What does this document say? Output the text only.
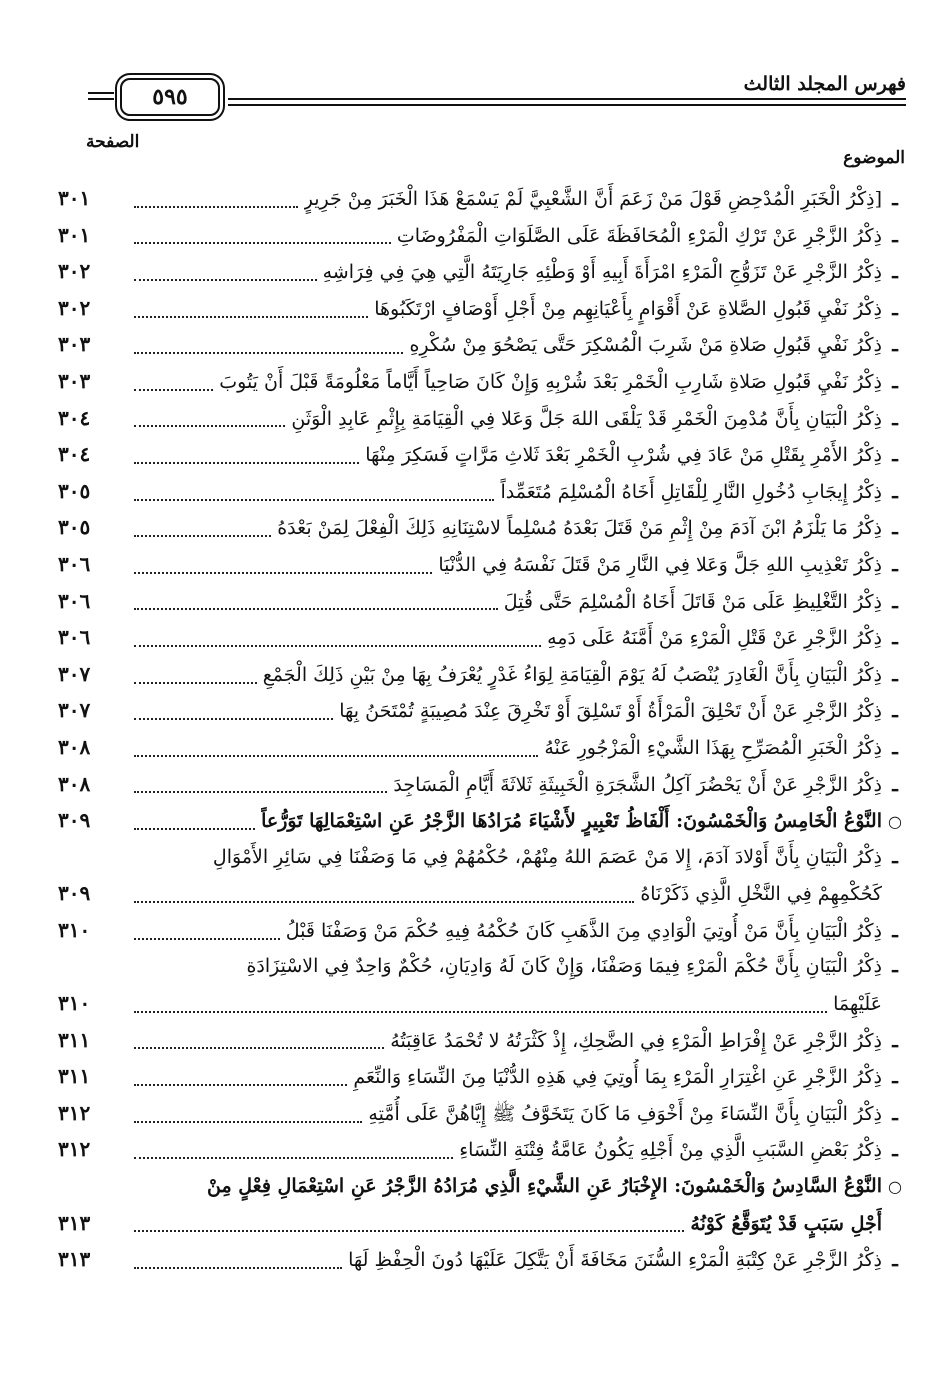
٥٩٥	فهرس المجلد الثالث
الصفحة
الموضوع
ـ
[ذِكْرُ الْخَبَرِ الْمُدْحِضِ قَوْلَ مَنْ زَعَمَ أَنَّ الشَّعْبِيَّ لَمْ يَسْمَعْ هَذَا الْخَبَرَ مِنْ جَرِيرٍ
٣٠١
ـ
ذِكْرُ الزَّجْرِ عَنْ تَرْكِ الْمَرْءِ الْمُحَافَظَةَ عَلَى الصَّلَوَاتِ الْمَفْرُوضَاتِ
٣٠١
ـ
ذِكْرُ الزَّجْرِ عَنْ تَزَوُّجِ الْمَرْءِ امْرَأَةَ أَبِيهِ أَوْ وَطْئِهِ جَارِيَتَهُ الَّتِي هِيَ فِي فِرَاشِهِ
٣٠٢
ـ
ذِكْرُ نَفْيِ قَبُولِ الصَّلاةِ عَنْ أَقْوَامٍ بِأَعْيَانِهِم مِنْ أَجْلِ أَوْصَافٍ ارْتَكَبُوهَا
٣٠٢
ـ
ذِكْرُ نَفْيِ قَبُولِ صَلاةِ مَنْ شَرِبَ الْمُسْكِرَ حَتَّى يَصْحُوَ مِنْ سُكْرِهِ
٣٠٣
ـ
ذِكْرُ نَفْيِ قَبُولِ صَلاةِ شَارِبِ الْخَمْرِ بَعْدَ شُرْبِهِ وَإِنْ كَانَ صَاحِياً أَيَّاماً مَعْلُومَةً قَبْلَ أَنْ يَتُوبَ
٣٠٣
ـ
ذِكْرُ الْبَيَانِ بِأَنَّ مُدْمِنَ الْخَمْرِ قَدْ يَلْقَى اللهَ جَلَّ وَعَلا فِي الْقِيَامَةِ بِإِثْمِ عَابِدِ الْوَثَنِ
٣٠٤
ـ
ذِكْرُ الأَمْرِ بِقَتْلِ مَنْ عَادَ فِي شُرْبِ الْخَمْرِ بَعْدَ ثَلاثِ مَرَّاتٍ فَسَكِرَ مِنْهَا
٣٠٤
ـ
ذِكْرُ إِيجَابِ دُخُولِ النَّارِ لِلْقَاتِلِ أَخَاهُ الْمُسْلِمَ مُتَعَمِّداً
٣٠٥
ـ
ذِكْرُ مَا يَلْزَمُ ابْنَ آدَمَ مِنْ إِثْمِ مَنْ قَتَلَ بَعْدَهُ مُسْلِماً لاسْتِنَانِهِ ذَلِكَ الْفِعْلَ لِمَنْ بَعْدَهُ
٣٠٥
ـ
ذِكْرُ تَعْذِيبِ اللهِ جَلَّ وَعَلا فِي النَّارِ مَنْ قَتَلَ نَفْسَهُ فِي الدُّنْيَا
٣٠٦
ـ
ذِكْرُ التَّغْلِيظِ عَلَى مَنْ قَاتَلَ أَخَاهُ الْمُسْلِمَ حَتَّى قُتِلَ
٣٠٦
ـ
ذِكْرُ الزَّجْرِ عَنْ قَتْلِ الْمَرْءِ مَنْ أَمَّنَهُ عَلَى دَمِهِ
٣٠٦
ـ
ذِكْرُ الْبَيَانِ بِأَنَّ الْغَادِرَ يُنْصَبُ لَهُ يَوْمَ الْقِيَامَةِ لِوَاءُ غَدْرٍ يُعْرَفُ بِهَا مِنْ بَيْنِ ذَلِكَ الْجَمْعِ
٣٠٧
ـ
ذِكْرُ الزَّجْرِ عَنْ أَنْ تَحْلِقَ الْمَرْأَةُ أَوْ تَسْلِقَ أَوْ تَخْرِقَ عِنْدَ مُصِيبَةٍ تُمْتَحَنُ بِهَا
٣٠٧
ـ
ذِكْرُ الْخَبَرِ الْمُصَرِّحِ بِهَذَا الشَّيْءِ الْمَزْجُورِ عَنْهُ
٣٠٨
ـ
ذِكْرُ الزَّجْرِ عَنْ أَنْ يَحْضُرَ آكِلُ الشَّجَرَةِ الْخَبِيثَةِ ثَلاثَةَ أَيَّامِ الْمَسَاجِدَ
٣٠٨
○
النَّوْعُ الْخَامِسُ وَالْخَمْسُونَ: أَلْفَاظُ تَعْبِيرٍ لأَشْيَاءَ مُرَادُهَا الزَّجْرُ عَنِ اسْتِعْمَالِهَا تَوَرُّعاً
٣٠٩
ـ
ذِكْرُ الْبَيَانِ بِأَنَّ أَوْلادَ آدَمَ، إِلا مَنْ عَصَمَ اللهُ مِنْهُمْ، حُكْمُهُمْ فِي مَا وَصَفْنَا فِي سَائِرِ الأَمْوَالِ
كَحُكْمِهِمْ فِي النَّخْلِ الَّذِي ذَكَرْنَاهُ
٣٠٩
ـ
ذِكْرُ الْبَيَانِ بِأَنَّ مَنْ أُوتِيَ الْوَادِي مِنَ الذَّهَبِ كَانَ حُكْمُهُ فِيهِ حُكْمَ مَنْ وَصَفْنَا قَبْلُ
٣١٠
ـ
ذِكْرُ الْبَيَانِ بِأَنَّ حُكْمَ الْمَرْءِ فِيمَا وَصَفْنَا، وَإِنْ كَانَ لَهُ وَادِيَانِ، حُكْمٌ وَاحِدٌ فِي الاسْتِزَادَةِ
عَلَيْهِمَا
٣١٠
ـ
ذِكْرُ الزَّجْرِ عَنْ إِفْرَاطِ الْمَرْءِ فِي الضَّحِكِ، إِذْ كَثْرَتُهُ لا تُحْمَدُ عَاقِبَتُهُ
٣١١
ـ
ذِكْرُ الزَّجْرِ عَنِ اغْتِرَارِ الْمَرْءِ بِمَا أُوتِيَ فِي هَذِهِ الدُّنْيَا مِنَ النِّسَاءِ وَالنِّعَمِ
٣١١
ـ
ذِكْرُ الْبَيَانِ بِأَنَّ النِّسَاءَ مِنْ أَخْوَفِ مَا كَانَ يَتَخَوَّفُ ﷺ إِيَّاهُنَّ عَلَى أُمَّتِهِ
٣١٢
ـ
ذِكْرُ بَعْضِ السَّبَبِ الَّذِي مِنْ أَجْلِهِ يَكُونُ عَامَّةُ فِتْنَةِ النِّسَاءِ
٣١٢
○
النَّوْعُ السَّادِسُ وَالْخَمْسُونَ: الإِخْبَارُ عَنِ الشَّيْءِ الَّذِي مُرَادُهُ الزَّجْرُ عَنِ اسْتِعْمَالِ فِعْلٍ مِنْ
أَجْلِ سَبَبٍ قَدْ يُتَوَقَّعُ كَوْنُهُ
٣١٣
ـ
ذِكْرُ الزَّجْرِ عَنْ كِتْبَةِ الْمَرْءِ السُّنَنَ مَخَافَةَ أَنْ يَتَّكِلَ عَلَيْهَا دُونَ الْحِفْظِ لَهَا
٣١٣
